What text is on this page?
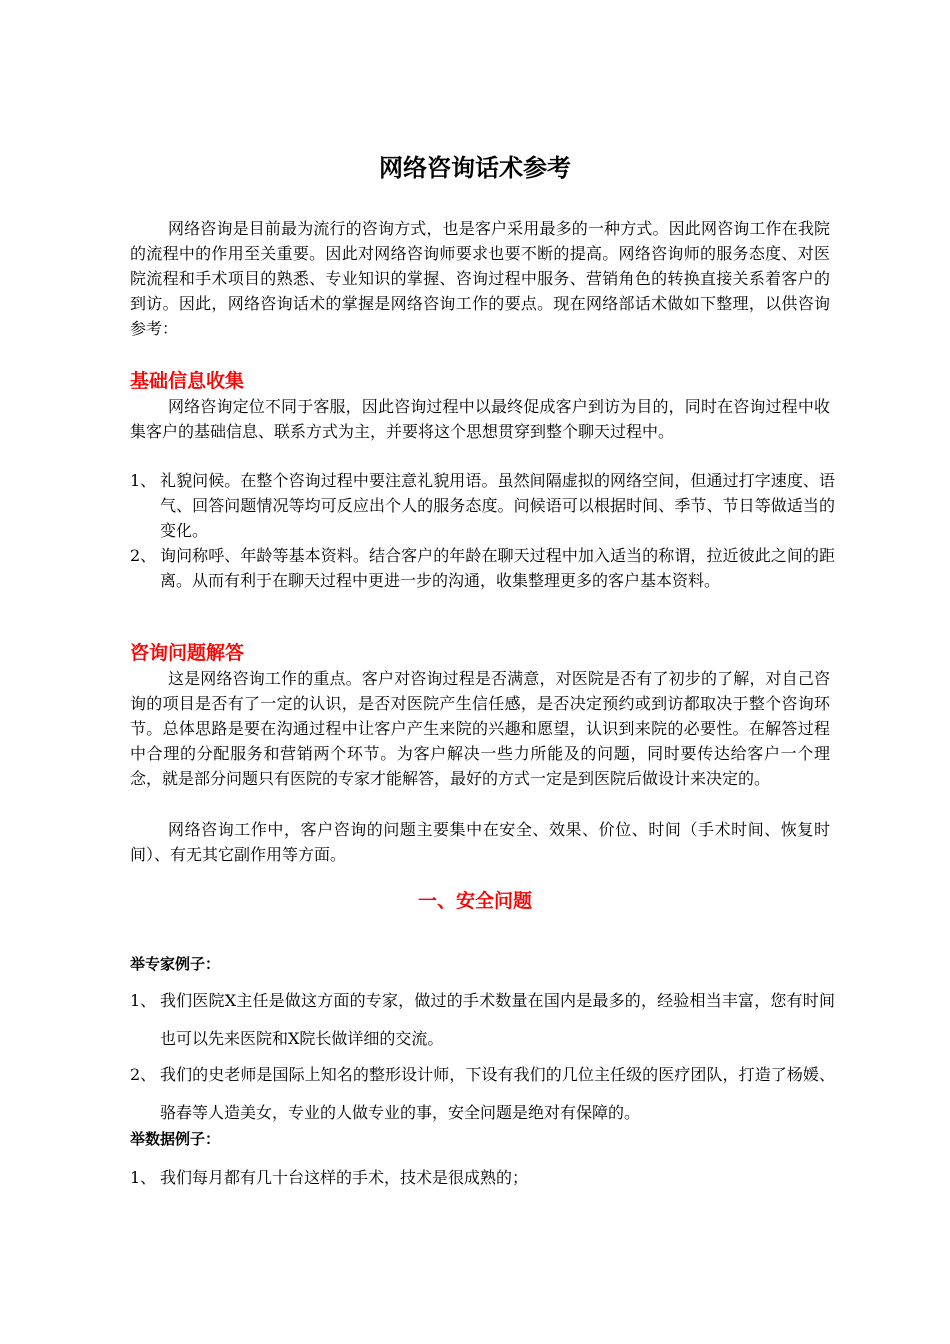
网络咨询话术参考

网络咨询是目前最为流行的咨询方式，也是客户采用最多的一种方式。因此网咨询工作在我院的流程中的作用至关重要。因此对网络咨询师要求也要不断的提高。网络咨询师的服务态度、对医院流程和手术项目的熟悉、专业知识的掌握、咨询过程中服务、营销角色的转换直接关系着客户的到访。因此，网络咨询话术的掌握是网络咨询工作的要点。现在网络部话术做如下整理，以供咨询参考：

基础信息收集

网络咨询定位不同于客服，因此咨询过程中以最终促成客户到访为目的，同时在咨询过程中收集客户的基础信息、联系方式为主，并要将这个思想贯穿到整个聊天过程中。

1、 礼貌问候。在整个咨询过程中要注意礼貌用语。虽然间隔虚拟的网络空间，但通过打字速度、语气、回答问题情况等均可反应出个人的服务态度。问候语可以根据时间、季节、节日等做适当的变化。
2、 询问称呼、年龄等基本资料。结合客户的年龄在聊天过程中加入适当的称谓，拉近彼此之间的距离。从而有利于在聊天过程中更进一步的沟通，收集整理更多的客户基本资料。
咨询问题解答

这是网络咨询工作的重点。客户对咨询过程是否满意，对医院是否有了初步的了解，对自己咨询的项目是否有了一定的认识，是否对医院产生信任感，是否决定预约或到访都取决于整个咨询环节。总体思路是要在沟通过程中让客户产生来院的兴趣和愿望，认识到来院的必要性。在解答过程中合理的分配服务和营销两个环节。为客户解决一些力所能及的问题，同时要传达给客户一个理念，就是部分问题只有医院的专家才能解答，最好的方式一定是到医院后做设计来决定的。

网络咨询工作中，客户咨询的问题主要集中在安全、效果、价位、时间（手术时间、恢复时间）、有无其它副作用等方面。

一、安全问题
举专家例子：
1、 我们医院X主任是做这方面的专家，做过的手术数量在国内是最多的，经验相当丰富，您有时间也可以先来医院和X院长做详细的交流。
2、 我们的史老师是国际上知名的整形设计师，下设有我们的几位主任级的医疗团队，打造了杨媛、骆春等人造美女，专业的人做专业的事，安全问题是绝对有保障的。
举数据例子：
1、 我们每月都有几十台这样的手术，技术是很成熟的；
